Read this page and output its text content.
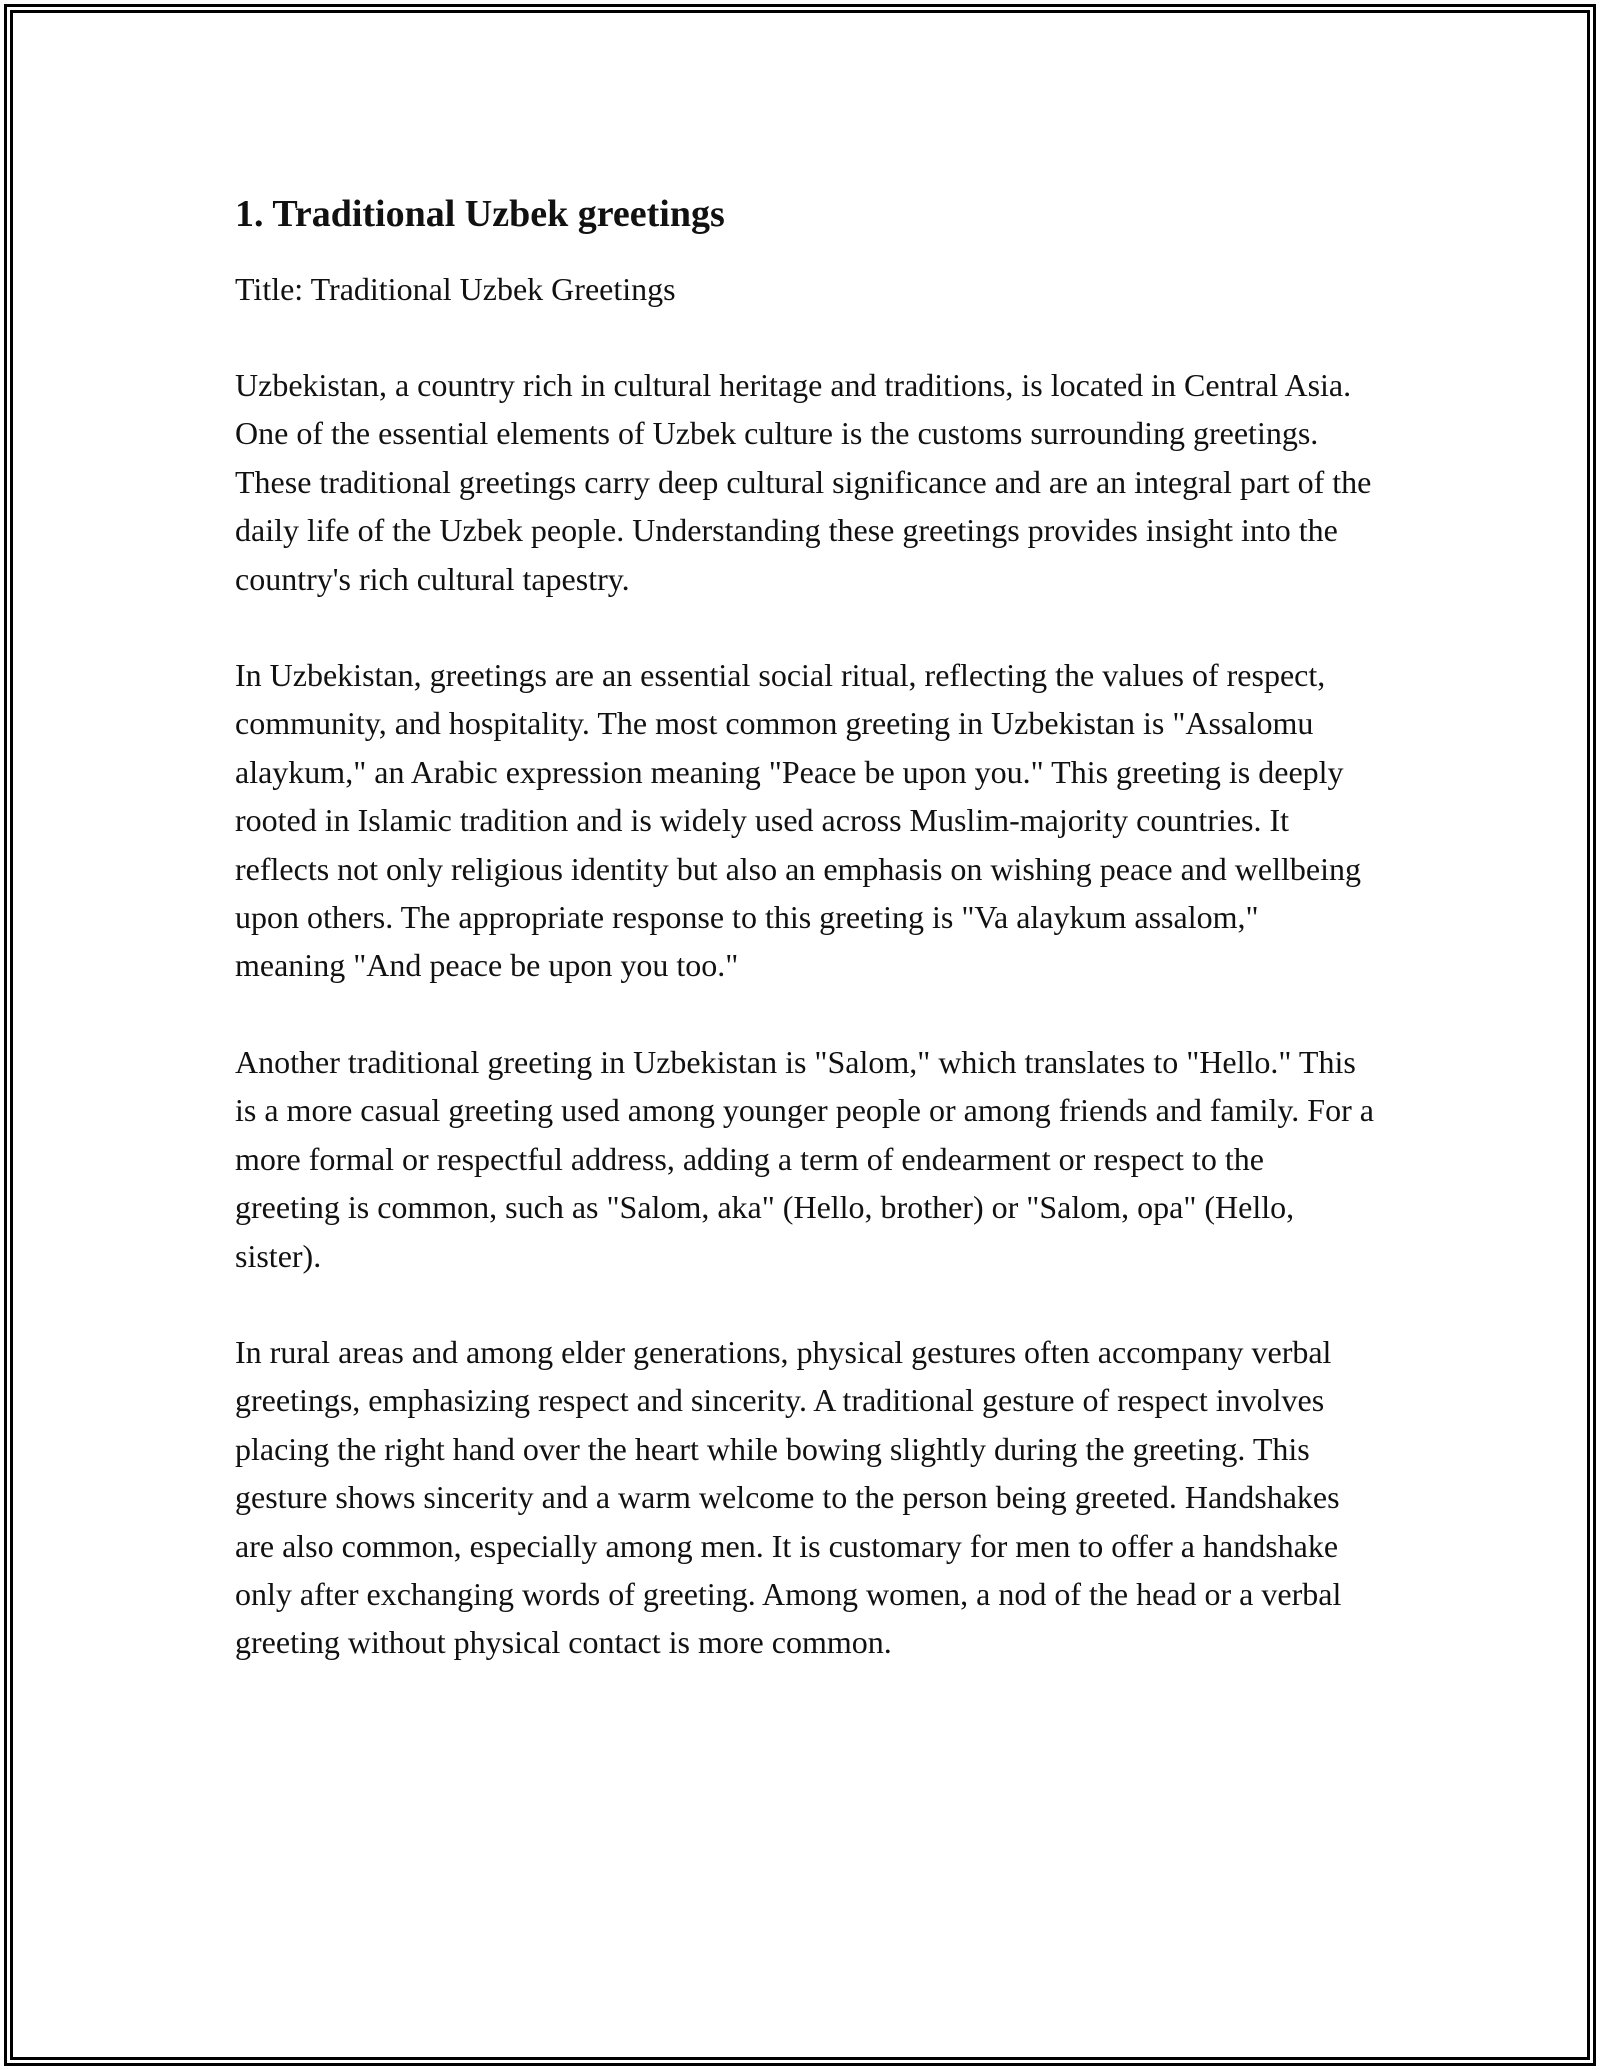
1. Traditional Uzbek greetings

Title: Traditional Uzbek Greetings

Uzbekistan, a country rich in cultural heritage and traditions, is located in Central Asia. One of the essential elements of Uzbek culture is the customs surrounding greetings. These traditional greetings carry deep cultural significance and are an integral part of the daily life of the Uzbek people. Understanding these greetings provides insight into the country's rich cultural tapestry.

In Uzbekistan, greetings are an essential social ritual, reflecting the values of respect, community, and hospitality. The most common greeting in Uzbekistan is "Assalomu alaykum," an Arabic expression meaning "Peace be upon you." This greeting is deeply rooted in Islamic tradition and is widely used across Muslim-majority countries. It reflects not only religious identity but also an emphasis on wishing peace and wellbeing upon others. The appropriate response to this greeting is "Va alaykum assalom," meaning "And peace be upon you too."

Another traditional greeting in Uzbekistan is "Salom," which translates to "Hello." This is a more casual greeting used among younger people or among friends and family. For a more formal or respectful address, adding a term of endearment or respect to the greeting is common, such as "Salom, aka" (Hello, brother) or "Salom, opa" (Hello, sister).

In rural areas and among elder generations, physical gestures often accompany verbal greetings, emphasizing respect and sincerity. A traditional gesture of respect involves placing the right hand over the heart while bowing slightly during the greeting. This gesture shows sincerity and a warm welcome to the person being greeted. Handshakes are also common, especially among men. It is customary for men to offer a handshake only after exchanging words of greeting. Among women, a nod of the head or a verbal greeting without physical contact is more common.
